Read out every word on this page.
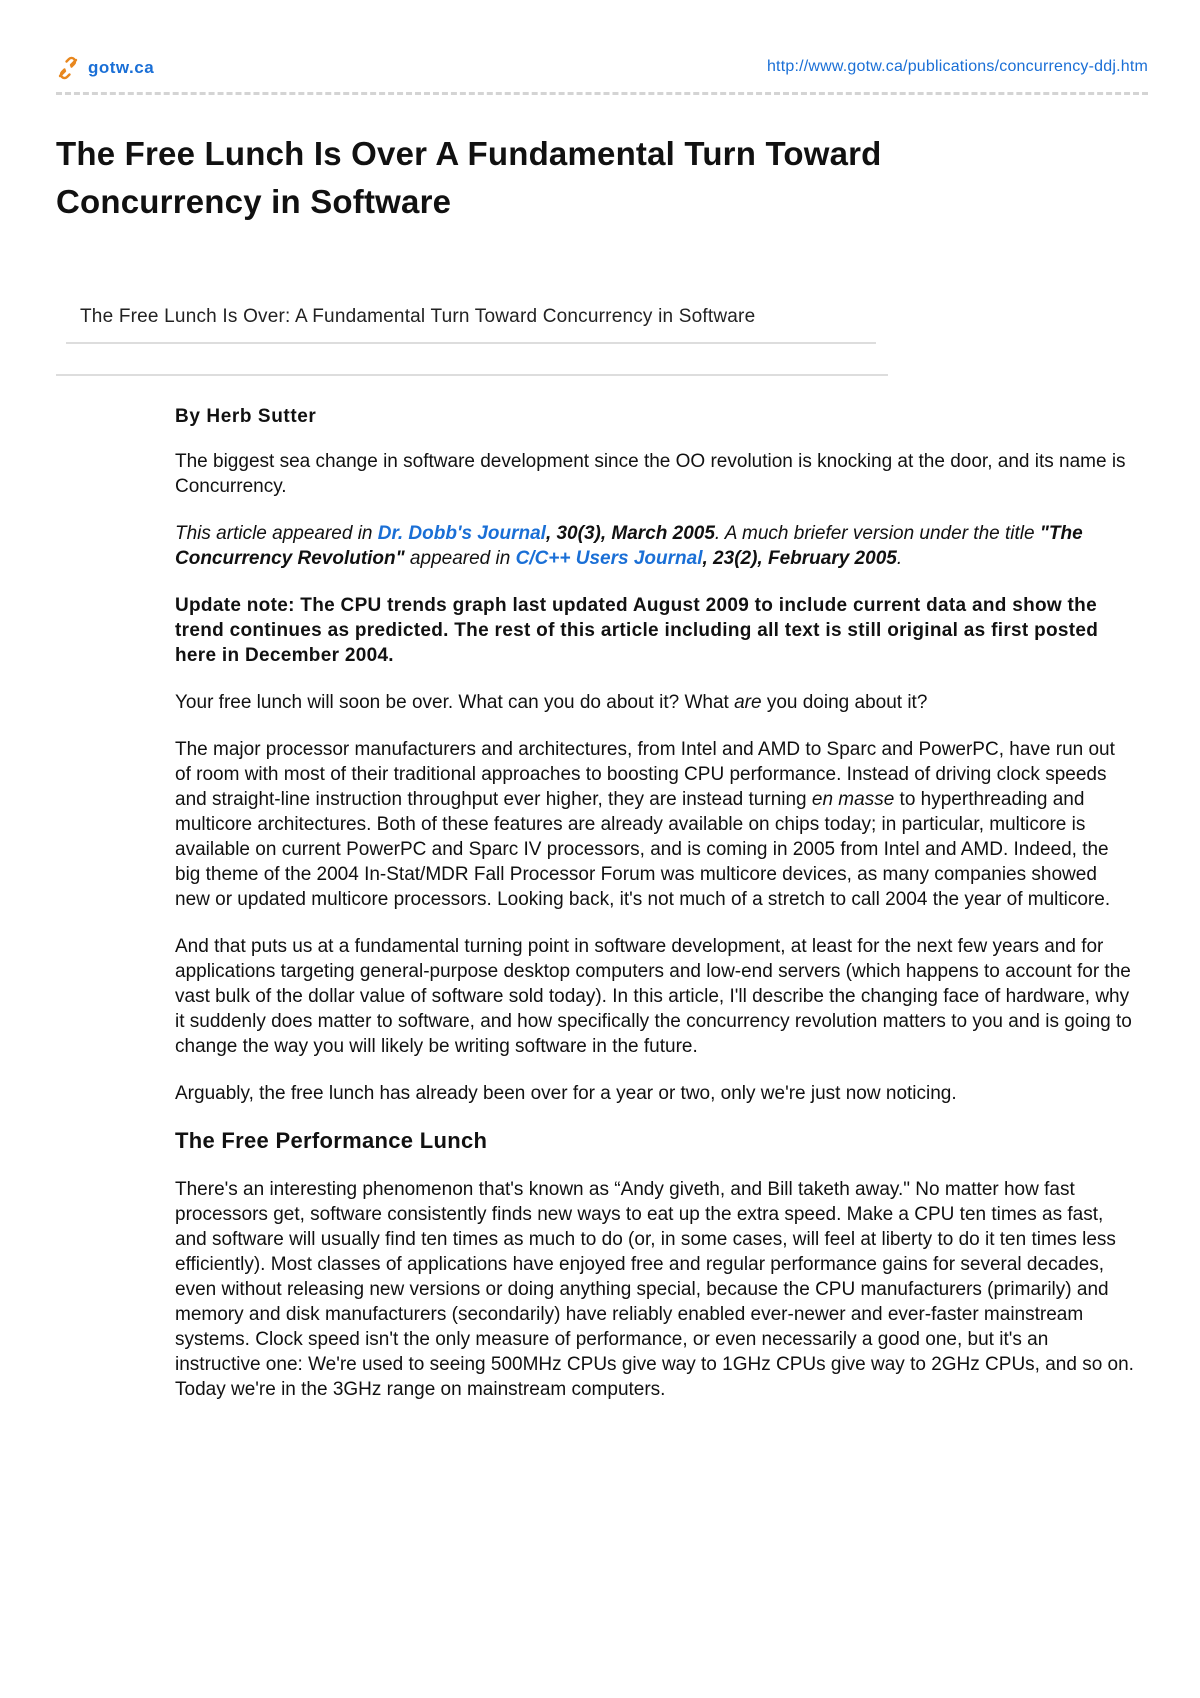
gotw.ca	http://www.gotw.ca/publications/concurrency-ddj.htm
The Free Lunch Is Over A Fundamental Turn Toward Concurrency in Software
The Free Lunch Is Over: A Fundamental Turn Toward Concurrency in Software

By Herb Sutter

The biggest sea change in software development since the OO revolution is knocking at the door, and its name is Concurrency.

This article appeared in Dr. Dobb's Journal, 30(3), March 2005. A much briefer version under the title "The Concurrency Revolution" appeared in C/C++ Users Journal, 23(2), February 2005.

Update note: The CPU trends graph last updated August 2009 to include current data and show the trend continues as predicted. The rest of this article including all text is still original as first posted here in December 2004.

Your free lunch will soon be over. What can you do about it? What are you doing about it?

The major processor manufacturers and architectures, from Intel and AMD to Sparc and PowerPC, have run out of room with most of their traditional approaches to boosting CPU performance. Instead of driving clock speeds and straight-line instruction throughput ever higher, they are instead turning en masse to hyperthreading and multicore architectures. Both of these features are already available on chips today; in particular, multicore is available on current PowerPC and Sparc IV processors, and is coming in 2005 from Intel and AMD. Indeed, the big theme of the 2004 In-Stat/MDR Fall Processor Forum was multicore devices, as many companies showed new or updated multicore processors. Looking back, it's not much of a stretch to call 2004 the year of multicore.

And that puts us at a fundamental turning point in software development, at least for the next few years and for applications targeting general-purpose desktop computers and low-end servers (which happens to account for the vast bulk of the dollar value of software sold today). In this article, I'll describe the changing face of hardware, why it suddenly does matter to software, and how specifically the concurrency revolution matters to you and is going to change the way you will likely be writing software in the future.

Arguably, the free lunch has already been over for a year or two, only we're just now noticing.

The Free Performance Lunch

There's an interesting phenomenon that's known as “Andy giveth, and Bill taketh away." No matter how fast processors get, software consistently finds new ways to eat up the extra speed. Make a CPU ten times as fast, and software will usually find ten times as much to do (or, in some cases, will feel at liberty to do it ten times less efficiently). Most classes of applications have enjoyed free and regular performance gains for several decades, even without releasing new versions or doing anything special, because the CPU manufacturers (primarily) and memory and disk manufacturers (secondarily) have reliably enabled ever-newer and ever-faster mainstream systems. Clock speed isn't the only measure of performance, or even necessarily a good one, but it's an instructive one: We're used to seeing 500MHz CPUs give way to 1GHz CPUs give way to 2GHz CPUs, and so on. Today we're in the 3GHz range on mainstream computers.
